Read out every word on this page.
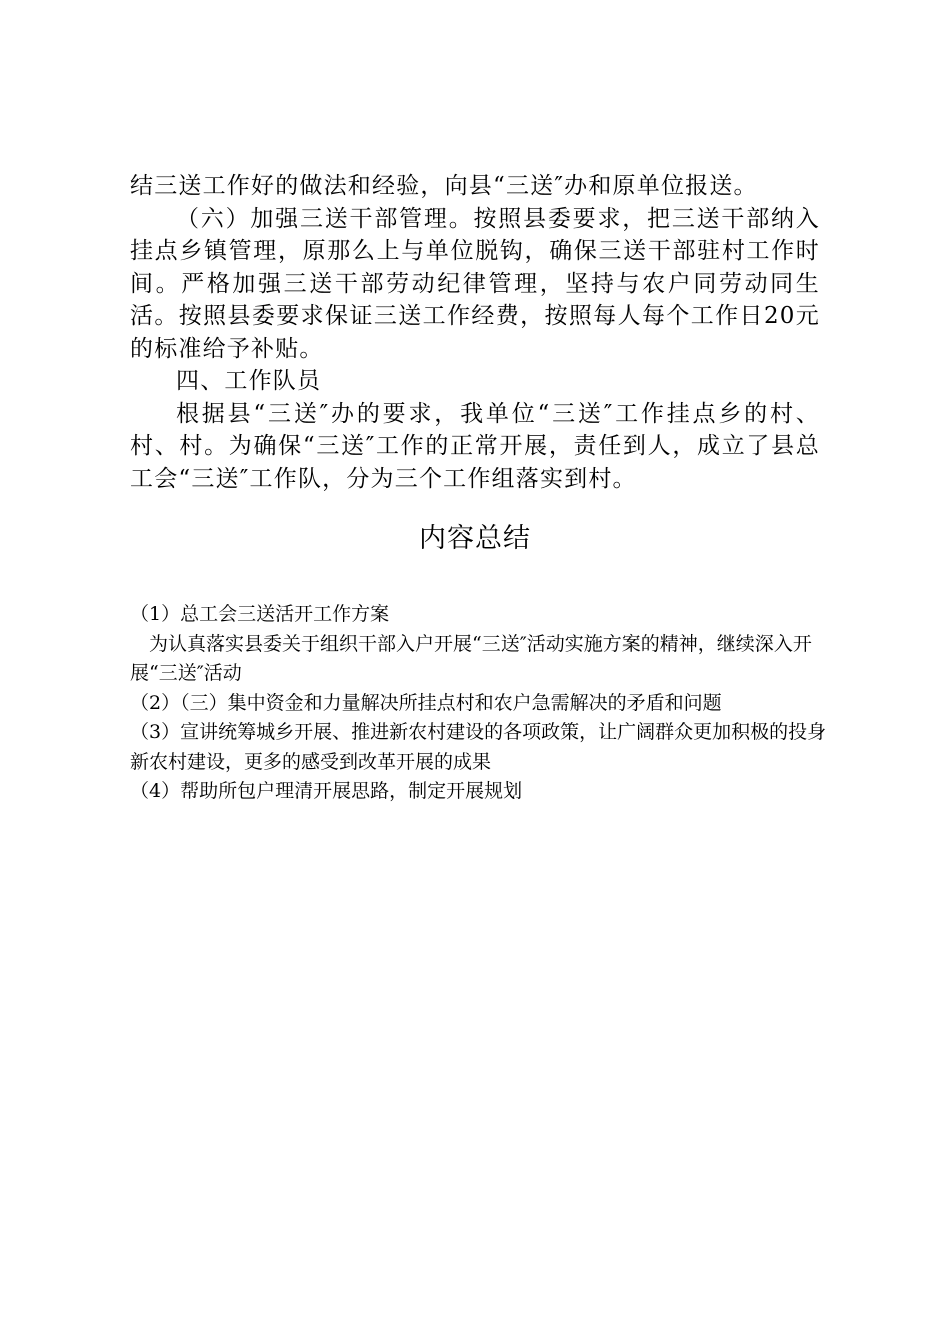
结三送工作好的做法和经验，向县“三送″办和原单位报送。

（六）加强三送干部管理。按照县委要求，把三送干部纳入挂点乡镇管理，原那么上与单位脱钩，确保三送干部驻村工作时间。严格加强三送干部劳动纪律管理，坚持与农户同劳动同生活。按照县委要求保证三送工作经费，按照每人每个工作日20元的标准给予补贴。

四、工作队员

根据县“三送″办的要求，我单位“三送″工作挂点乡的村、村、村。为确保“三送″工作的正常开展，责任到人，成立了县总工会“三送″工作队，分为三个工作组落实到村。

内容总结

（1）总工会三送活开工作方案

为认真落实县委关于组织干部入户开展“三送″活动实施方案的精神，继续深入开展“三送″活动

（2）（三）集中资金和力量解决所挂点村和农户急需解决的矛盾和问题

（3）宣讲统筹城乡开展、推进新农村建设的各项政策，让广阔群众更加积极的投身新农村建设，更多的感受到改革开展的成果

（4）帮助所包户理清开展思路，制定开展规划
